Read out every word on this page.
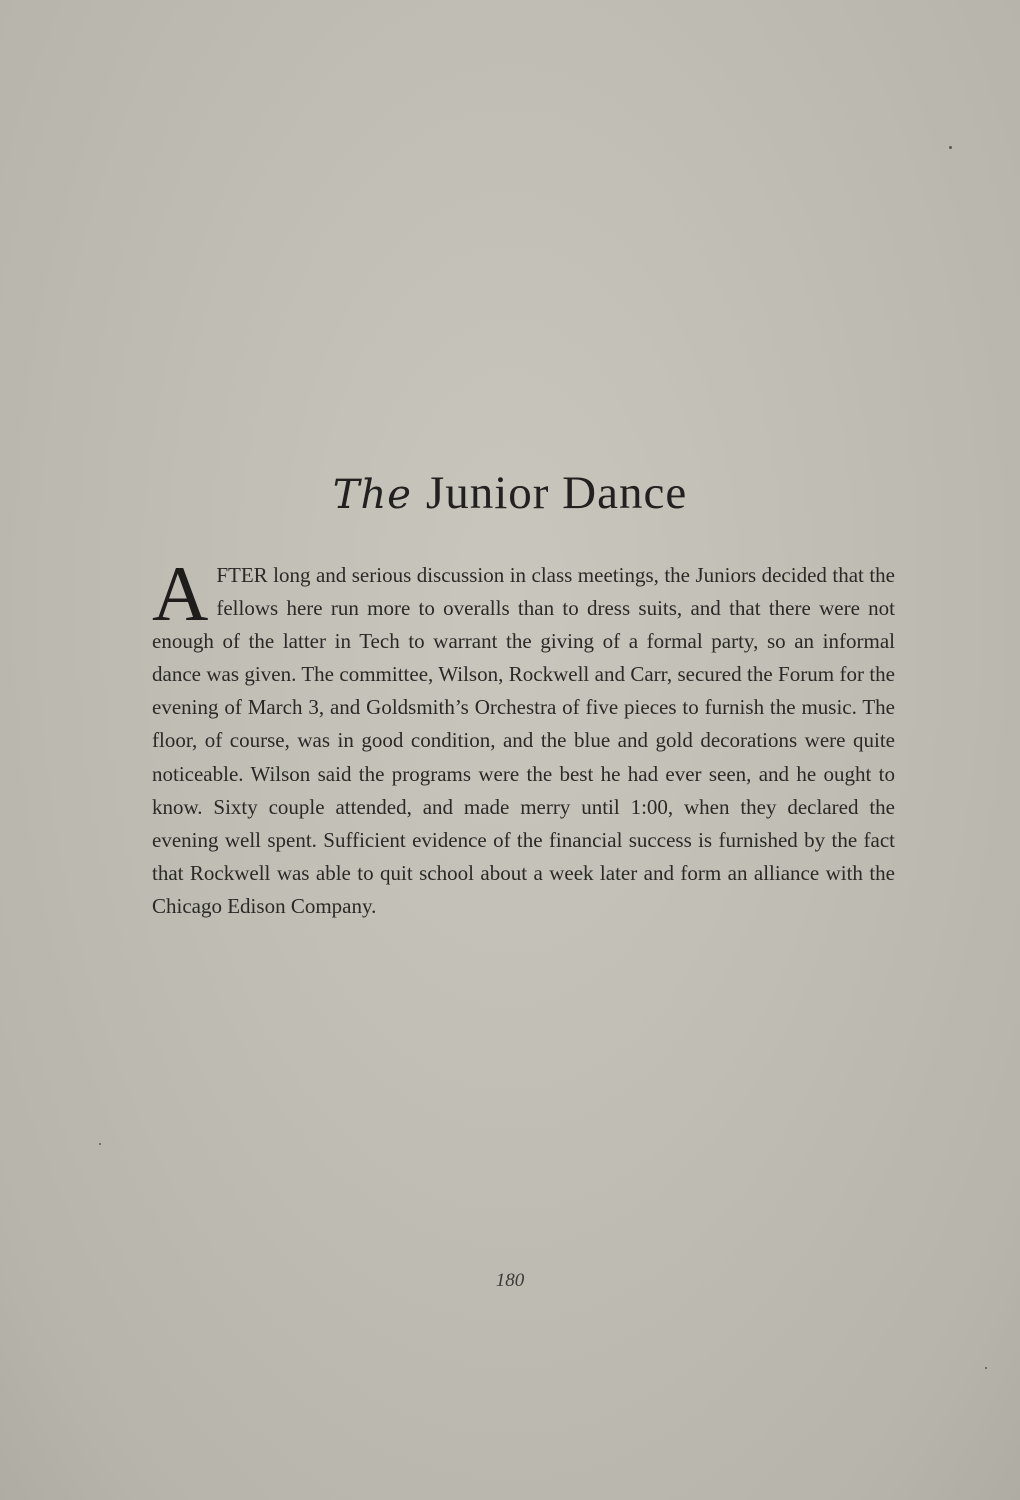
The Junior Dance
AFTER long and serious discussion in class meetings, the Juniors decided that the fellows here run more to overalls than to dress suits, and that there were not enough of the latter in Tech to warrant the giving of a formal party, so an informal dance was given. The committee, Wilson, Rockwell and Carr, secured the Forum for the evening of March 3, and Goldsmith’s Orchestra of five pieces to furnish the music. The floor, of course, was in good condition, and the blue and gold decorations were quite noticeable. Wilson said the programs were the best he had ever seen, and he ought to know. Sixty couple attended, and made merry until 1:00, when they declared the evening well spent. Sufficient evidence of the financial success is furnished by the fact that Rockwell was able to quit school about a week later and form an alliance with the Chicago Edison Company.
180
